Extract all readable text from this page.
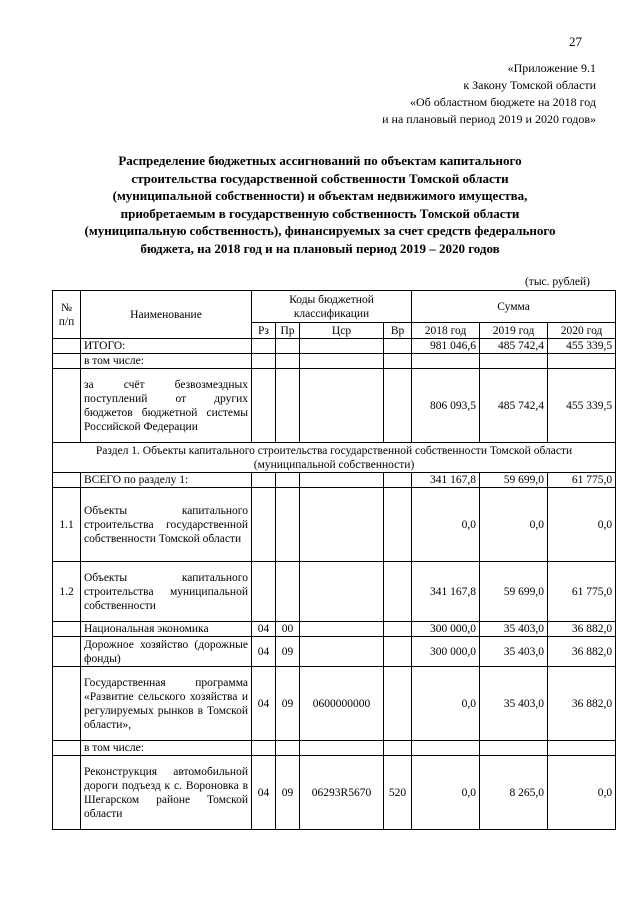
27
«Приложение 9.1
к Закону Томской области
«Об областном бюджете на 2018 год
и на плановый период 2019 и 2020 годов»
Распределение бюджетных ассигнований по объектам капитального
строительства государственной собственности Томской области
(муниципальной собственности) и объектам недвижимого имущества,
приобретаемым в государственную собственность Томской области
(муниципальную собственность), финансируемых за счет средств федерального
бюджета, на 2018 год и на плановый период 2019 – 2020 годов
(тыс. рублей)
№ п/п	Наименование	Коды бюджетной классификации				Сумма		
		Рз	Пр	Цср	Вр	2018 год	2019 год	2020 год
	ИТОГО:					981 046,6	485 742,4	455 339,5
	в том числе:							
	за счёт безвозмездных поступлений от других бюджетов бюджетной системы Российской Федерации					806 093,5	485 742,4	455 339,5
Раздел 1. Объекты капитального строительства государственной собственности Томской области (муниципальной собственности)								
	ВСЕГО по разделу 1:					341 167,8	59 699,0	61 775,0
1.1	Объекты капитального строительства государственной собственности Томской области					0,0	0,0	0,0
1.2	Объекты капитального строительства муниципальной собственности					341 167,8	59 699,0	61 775,0
	Национальная экономика	04	00			300 000,0	35 403,0	36 882,0
	Дорожное хозяйство (дорожные фонды)	04	09			300 000,0	35 403,0	36 882,0
	Государственная программа «Развитие сельского хозяйства и регулируемых рынков в Томской области»,	04	09	0600000000		0,0	35 403,0	36 882,0
	в том числе:							
	Реконструкция автомобильной дороги подъезд к с. Вороновка в Шегарском районе Томской области	04	09	06293R5670	520	0,0	8 265,0	0,0
